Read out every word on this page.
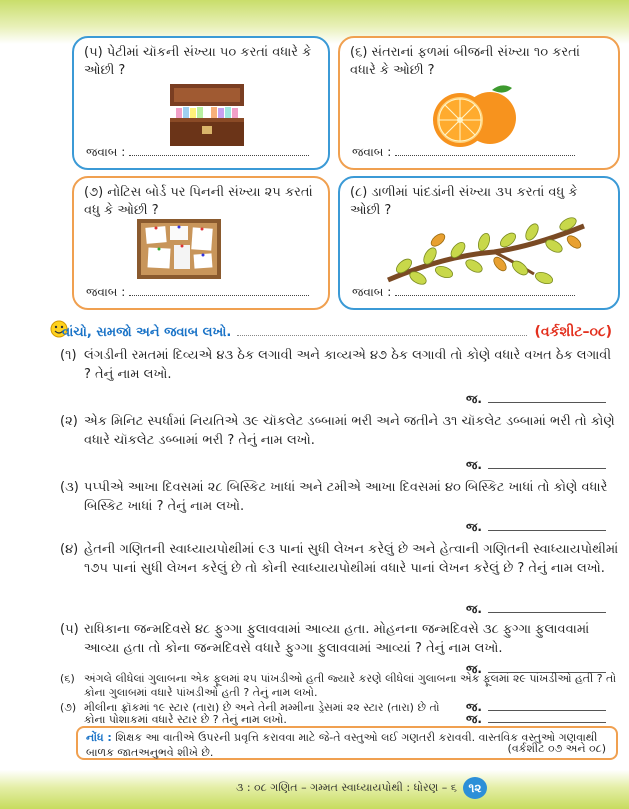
(૫) પેટીમાં ચૉકની સંખ્યા ૫૦ કરતાં વધારે કે ઓછી ?
જવાબ :
(૬) સંતરાનાં ફળમાં બીજની સંખ્યા ૧૦ કરતાં વધારે કે ઓછી ?
જવાબ :
(૭) નોટિસ બોર્ડ પર પિનની સંખ્યા ૨૫ કરતાં વધુ કે ઓછી ?
જવાબ :
(૮) ડાળીમાં પાંદડાંની સંખ્યા ૩૫ કરતાં વધુ કે ઓછી ?
જવાબ :
વાંચો, સમજો અને જવાબ લખો.	(વર્કશીટ–૦૮)
(૧) લંગડીની રમતમાં દિવ્યએ ૪૩ ઠેક લગાવી અને કાવ્યએ ૪૭ ઠેક લગાવી તો કોણે વધારે વખત ઠેક લગાવી ? તેનું નામ લખો.
જ.
(૨) એક મિનિટ સ્પર્ધામાં નિયતિએ ૩૯ ચૉકલેટ ડબ્બામાં ભરી અને જતીને ૩૧ ચૉકલેટ ડબ્બામાં ભરી તો કોણે વધારે ચૉકલેટ ડબ્બામાં ભરી ? તેનું નામ લખો.
જ.
(૩) પપ્પીએ આખા દિવસમાં ૨૮ બિસ્કિટ ખાધાં અને ટમીએ આખા દિવસમાં ૪૦ બિસ્કિટ ખાધાં તો કોણે વધારે બિસ્કિટ ખાધાં ? તેનું નામ લખો.
જ.
(૪) હેતની ગણિતની સ્વાધ્યાયપોથીમાં ૯૩ પાનાં સુધી લેખન કરેલું છે અને હેત્વાની ગણિતની સ્વાધ્યાયપોથીમાં ૧૭૫ પાનાં સુધી લેખન કરેલું છે તો કોની સ્વાધ્યાયપોથીમાં વધારે પાનાં લેખન કરેલું છે ? તેનું નામ લખો.
જ.
(૫) રાધિકાના જન્મદિવસે ૪૮ ફુગ્ગા ફુલાવવામાં આવ્યા હતા. મોહનના જન્મદિવસે ૩૮ ફુગ્ગા ફુલાવવામાં આવ્યા હતા તો કોના જન્મદિવસે વધારે ફુગ્ગા ફુલાવવામાં આવ્યાં ? તેનું નામ લખો.
જ.
(૬) અંગલે લીધેલાં ગુલાબના એક ફૂલમાં ૨૫ પાંખડીઓ હતી જ્યારે કરણે લીધેલાં ગુલાબના એક ફૂલમાં ૨૯ પાંખડીઓ હતી ? તો કોના ગુલાબમાં વધારે પાંખડીઓ હતી ? તેનું નામ લખો.
જ.
(૭) મીલીના ફ્રૉકમાં ૧૯ સ્ટાર (તારા) છે અને તેની મમ્મીના ડ્રેસમાં ૨૨ સ્ટાર (તારા) છે તો કોના પોશાકમાં વધારે સ્ટાર છે ? તેનું નામ લખો.	જ.
નોંધ : શિક્ષક આ વાતીએ ઉપરની પ્રવૃત્તિ કરાવવા માટે જે-તે વસ્તુઓ લઈ ગણતરી કરાવવી. વાસ્તવિક વસ્તુઓ ગણવાથી બાળક જાતઅનુભવે શીખે છે.	(વર્કશીટ ૦૭ અને ૦૮)
૩ : ૦૮ ગણિત – ગમ્મત સ્વાધ્યાયપોથી : ધોરણ – ૬ ૧૨
